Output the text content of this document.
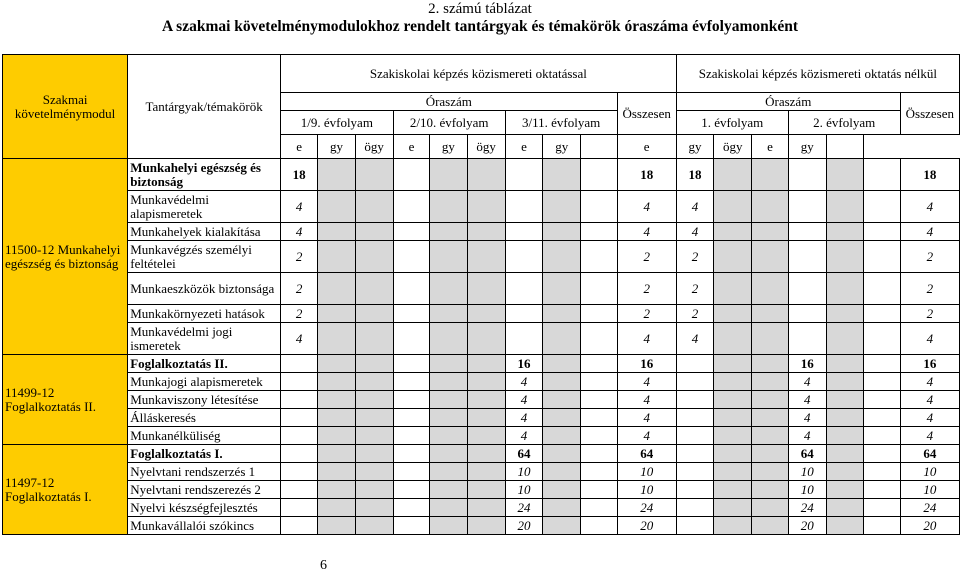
2. számú táblázat
A szakmai követelménymodulokhoz rendelt tantárgyak és témakörök óraszáma évfolyamonként
Szakmai követelménymodul	Tantárgyak/témakörök	Szakiskolai képzés közismereti oktatással										Szakiskolai képzés közismereti oktatás nélkül						
		Óraszám									Összesen	Óraszám						Összesen
		1/9. évfolyam			2/10. évfolyam			3/11. évfolyam				1. évfolyam			2. évfolyam			
		e	gy	ögy	e	gy	ögy	e	gy		e	gy	ögy	e	gy			
11500-12 Munkahelyi egészség és biztonság	Munkahelyi egészség és biztonság	18									18	18						18
	Munkavédelmi alapismeretek	4									4	4						4
	Munkahelyek kialakítása	4									4	4						4
	Munkavégzés személyi feltételei	2									2	2						2
	Munkaeszközök biztonsága	2									2	2						2
	Munkakörnyezeti hatások	2									2	2						2
	Munkavédelmi jogi ismeretek	4									4	4						4
11499-12 Foglalkoztatás II.	Foglalkoztatás II.							16			16				16			16
	Munkajogi alapismeretek							4			4				4			4
	Munkaviszony létesítése							4			4				4			4
	Álláskeresés							4			4				4			4
	Munkanélküliség							4			4				4			4
11497-12 Foglalkoztatás I.	Foglalkoztatás I.							64			64				64			64
	Nyelvtani rendszerzés 1							10			10				10			10
	Nyelvtani rendszerezés 2							10			10				10			10
	Nyelvi készségfejlesztés							24			24				24			24
	Munkavállalói szókincs							20			20				20			20
6
